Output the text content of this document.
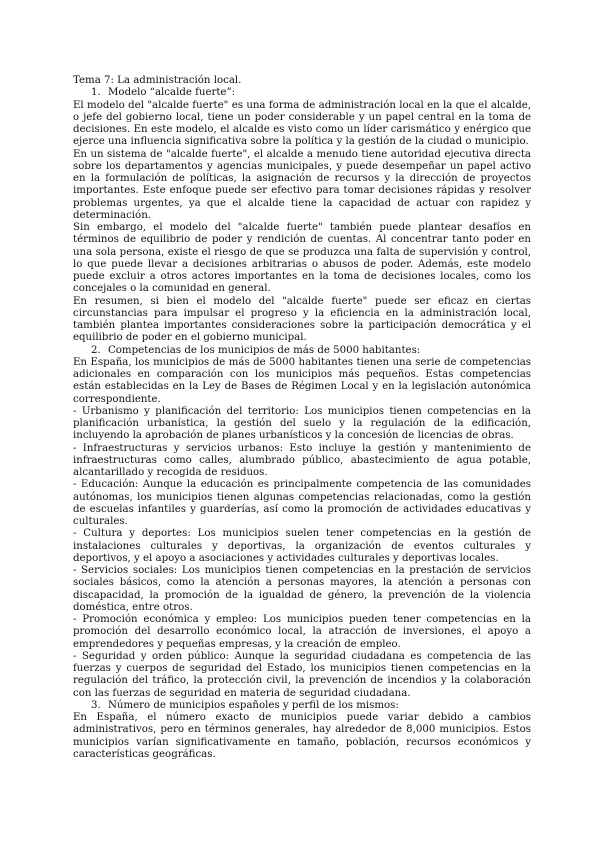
Tema 7: La administración local.

1. Modelo “alcalde fuerte”:

El modelo del "alcalde fuerte" es una forma de administración local en la que el alcalde, o jefe del gobierno local, tiene un poder considerable y un papel central en la toma de decisiones. En este modelo, el alcalde es visto como un líder carismático y enérgico que ejerce una influencia significativa sobre la política y la gestión de la ciudad o municipio.

En un sistema de "alcalde fuerte", el alcalde a menudo tiene autoridad ejecutiva directa sobre los departamentos y agencias municipales, y puede desempeñar un papel activo en la formulación de políticas, la asignación de recursos y la dirección de proyectos importantes. Este enfoque puede ser efectivo para tomar decisiones rápidas y resolver problemas urgentes, ya que el alcalde tiene la capacidad de actuar con rapidez y determinación.

Sin embargo, el modelo del "alcalde fuerte" también puede plantear desafíos en términos de equilibrio de poder y rendición de cuentas. Al concentrar tanto poder en una sola persona, existe el riesgo de que se produzca una falta de supervisión y control, lo que puede llevar a decisiones arbitrarias o abusos de poder. Además, este modelo puede excluir a otros actores importantes en la toma de decisiones locales, como los concejales o la comunidad en general.

En resumen, si bien el modelo del "alcalde fuerte" puede ser eficaz en ciertas circunstancias para impulsar el progreso y la eficiencia en la administración local, también plantea importantes consideraciones sobre la participación democrática y el equilibrio de poder en el gobierno municipal.

2. Competencias de los municipios de más de 5000 habitantes:

En España, los municipios de más de 5000 habitantes tienen una serie de competencias adicionales en comparación con los municipios más pequeños. Estas competencias están establecidas en la Ley de Bases de Régimen Local y en la legislación autonómica correspondiente.

- Urbanismo y planificación del territorio: Los municipios tienen competencias en la planificación urbanística, la gestión del suelo y la regulación de la edificación, incluyendo la aprobación de planes urbanísticos y la concesión de licencias de obras.

- Infraestructuras y servicios urbanos: Esto incluye la gestión y mantenimiento de infraestructuras como calles, alumbrado público, abastecimiento de agua potable, alcantarillado y recogida de residuos.

- Educación: Aunque la educación es principalmente competencia de las comunidades autónomas, los municipios tienen algunas competencias relacionadas, como la gestión de escuelas infantiles y guarderías, así como la promoción de actividades educativas y culturales.

- Cultura y deportes: Los municipios suelen tener competencias en la gestión de instalaciones culturales y deportivas, la organización de eventos culturales y deportivos, y el apoyo a asociaciones y actividades culturales y deportivas locales.

- Servicios sociales: Los municipios tienen competencias en la prestación de servicios sociales básicos, como la atención a personas mayores, la atención a personas con discapacidad, la promoción de la igualdad de género, la prevención de la violencia doméstica, entre otros.

- Promoción económica y empleo: Los municipios pueden tener competencias en la promoción del desarrollo económico local, la atracción de inversiones, el apoyo a emprendedores y pequeñas empresas, y la creación de empleo.

- Seguridad y orden público: Aunque la seguridad ciudadana es competencia de las fuerzas y cuerpos de seguridad del Estado, los municipios tienen competencias en la regulación del tráfico, la protección civil, la prevención de incendios y la colaboración con las fuerzas de seguridad en materia de seguridad ciudadana.

3. Número de municipios españoles y perfil de los mismos:

En España, el número exacto de municipios puede variar debido a cambios administrativos, pero en términos generales, hay alrededor de 8,000 municipios. Estos municipios varían significativamente en tamaño, población, recursos económicos y características geográficas.
